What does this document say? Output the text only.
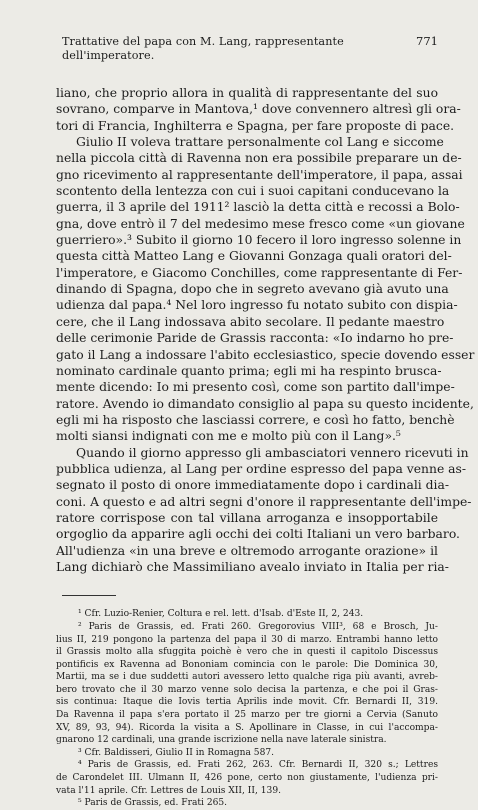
Trattative del papa con M. Lang, rappresentante dell'imperatore.
771

liano, che proprio allora in qualità di rappresentante del suo

sovrano, comparve in Mantova,¹ dove convennero altresì gli ora-

tori di Francia, Inghilterra e Spagna, per fare proposte di pace.

Giulio II voleva trattare personalmente col Lang e siccome

nella piccola città di Ravenna non era possibile preparare un de-

gno ricevimento al rappresentante dell'imperatore, il papa, assai

scontento della lentezza con cui i suoi capitani conducevano la

guerra, il 3 aprile del 1911² lasciò la detta città e recossi a Bolo-

gna, dove entrò il 7 del medesimo mese fresco come «un giovane

guerriero».³ Subito il giorno 10 fecero il loro ingresso solenne in

questa città Matteo Lang e Giovanni Gonzaga quali oratori del-

l'imperatore, e Giacomo Conchilles, come rappresentante di Fer-

dinando di Spagna, dopo che in segreto avevano già avuto una

udienza dal papa.⁴ Nel loro ingresso fu notato subito con dispia-

cere, che il Lang indossava abito secolare. Il pedante maestro

delle cerimonie Paride de Grassis racconta: «Io indarno ho pre-

gato il Lang a indossare l'abito ecclesiastico, specie dovendo esser

nominato cardinale quanto prima; egli mi ha respinto brusca-

mente dicendo: Io mi presento così, come son partito dall'impe-

ratore. Avendo io dimandato consiglio al papa su questo incidente,

egli mi ha risposto che lasciassi correre, e così ho fatto, benchè

molti siansi indignati con me e molto più con il Lang».⁵

Quando il giorno appresso gli ambasciatori vennero ricevuti in

pubblica udienza, al Lang per ordine espresso del papa venne as-

segnato il posto di onore immediatamente dopo i cardinali dia-

coni. A questo e ad altri segni d'onore il rappresentante dell'impe-

ratore corrispose con tal villana arroganza e insopportabile

orgoglio da apparire agli occhi dei colti Italiani un vero barbaro.

All'udienza «in una breve e oltremodo arrogante orazione» il

Lang dichiarò che Massimiliano avealo inviato in Italia per ria-

¹ Cfr. Luzio-Renier, Coltura e rel. lett. d'Isab. d'Este II, 2, 243.

² Paris de Grassis, ed. Frati 260. Gregorovius VIII³, 68 e Brosch, Ju-

lius II, 219 pongono la partenza del papa il 30 di marzo. Entrambi hanno letto

il Grassis molto alla sfuggita poichè è vero che in questi il capitolo Discessus

pontificis ex Ravenna ad Bononiam comincia con le parole: Die Dominica 30,

Martii, ma se i due suddetti autori avessero letto qualche riga più avanti, avreb-

bero trovato che il 30 marzo venne solo decisa la partenza, e che poi il Gras-

sis continua: Itaque die Iovis tertia Aprilis inde movit. Cfr. Bernardi II, 319.

Da Ravenna il papa s'era portato il 25 marzo per tre giorni a Cervia (Sanuto

XV, 89, 93, 94). Ricorda la visita a S. Apollinare in Classe, in cui l'accompa-

gnarono 12 cardinali, una grande iscrizione nella nave laterale sinistra.

³ Cfr. Baldisseri, Giulio II in Romagna 587.

⁴ Paris de Grassis, ed. Frati 262, 263. Cfr. Bernardi II, 320 s.; Lettres

de Carondelet III. Ulmann II, 426 pone, certo non giustamente, l'udienza pri-

vata l'11 aprile. Cfr. Lettres de Louis XII, II, 139.

⁵ Paris de Grassis, ed. Frati 265.
